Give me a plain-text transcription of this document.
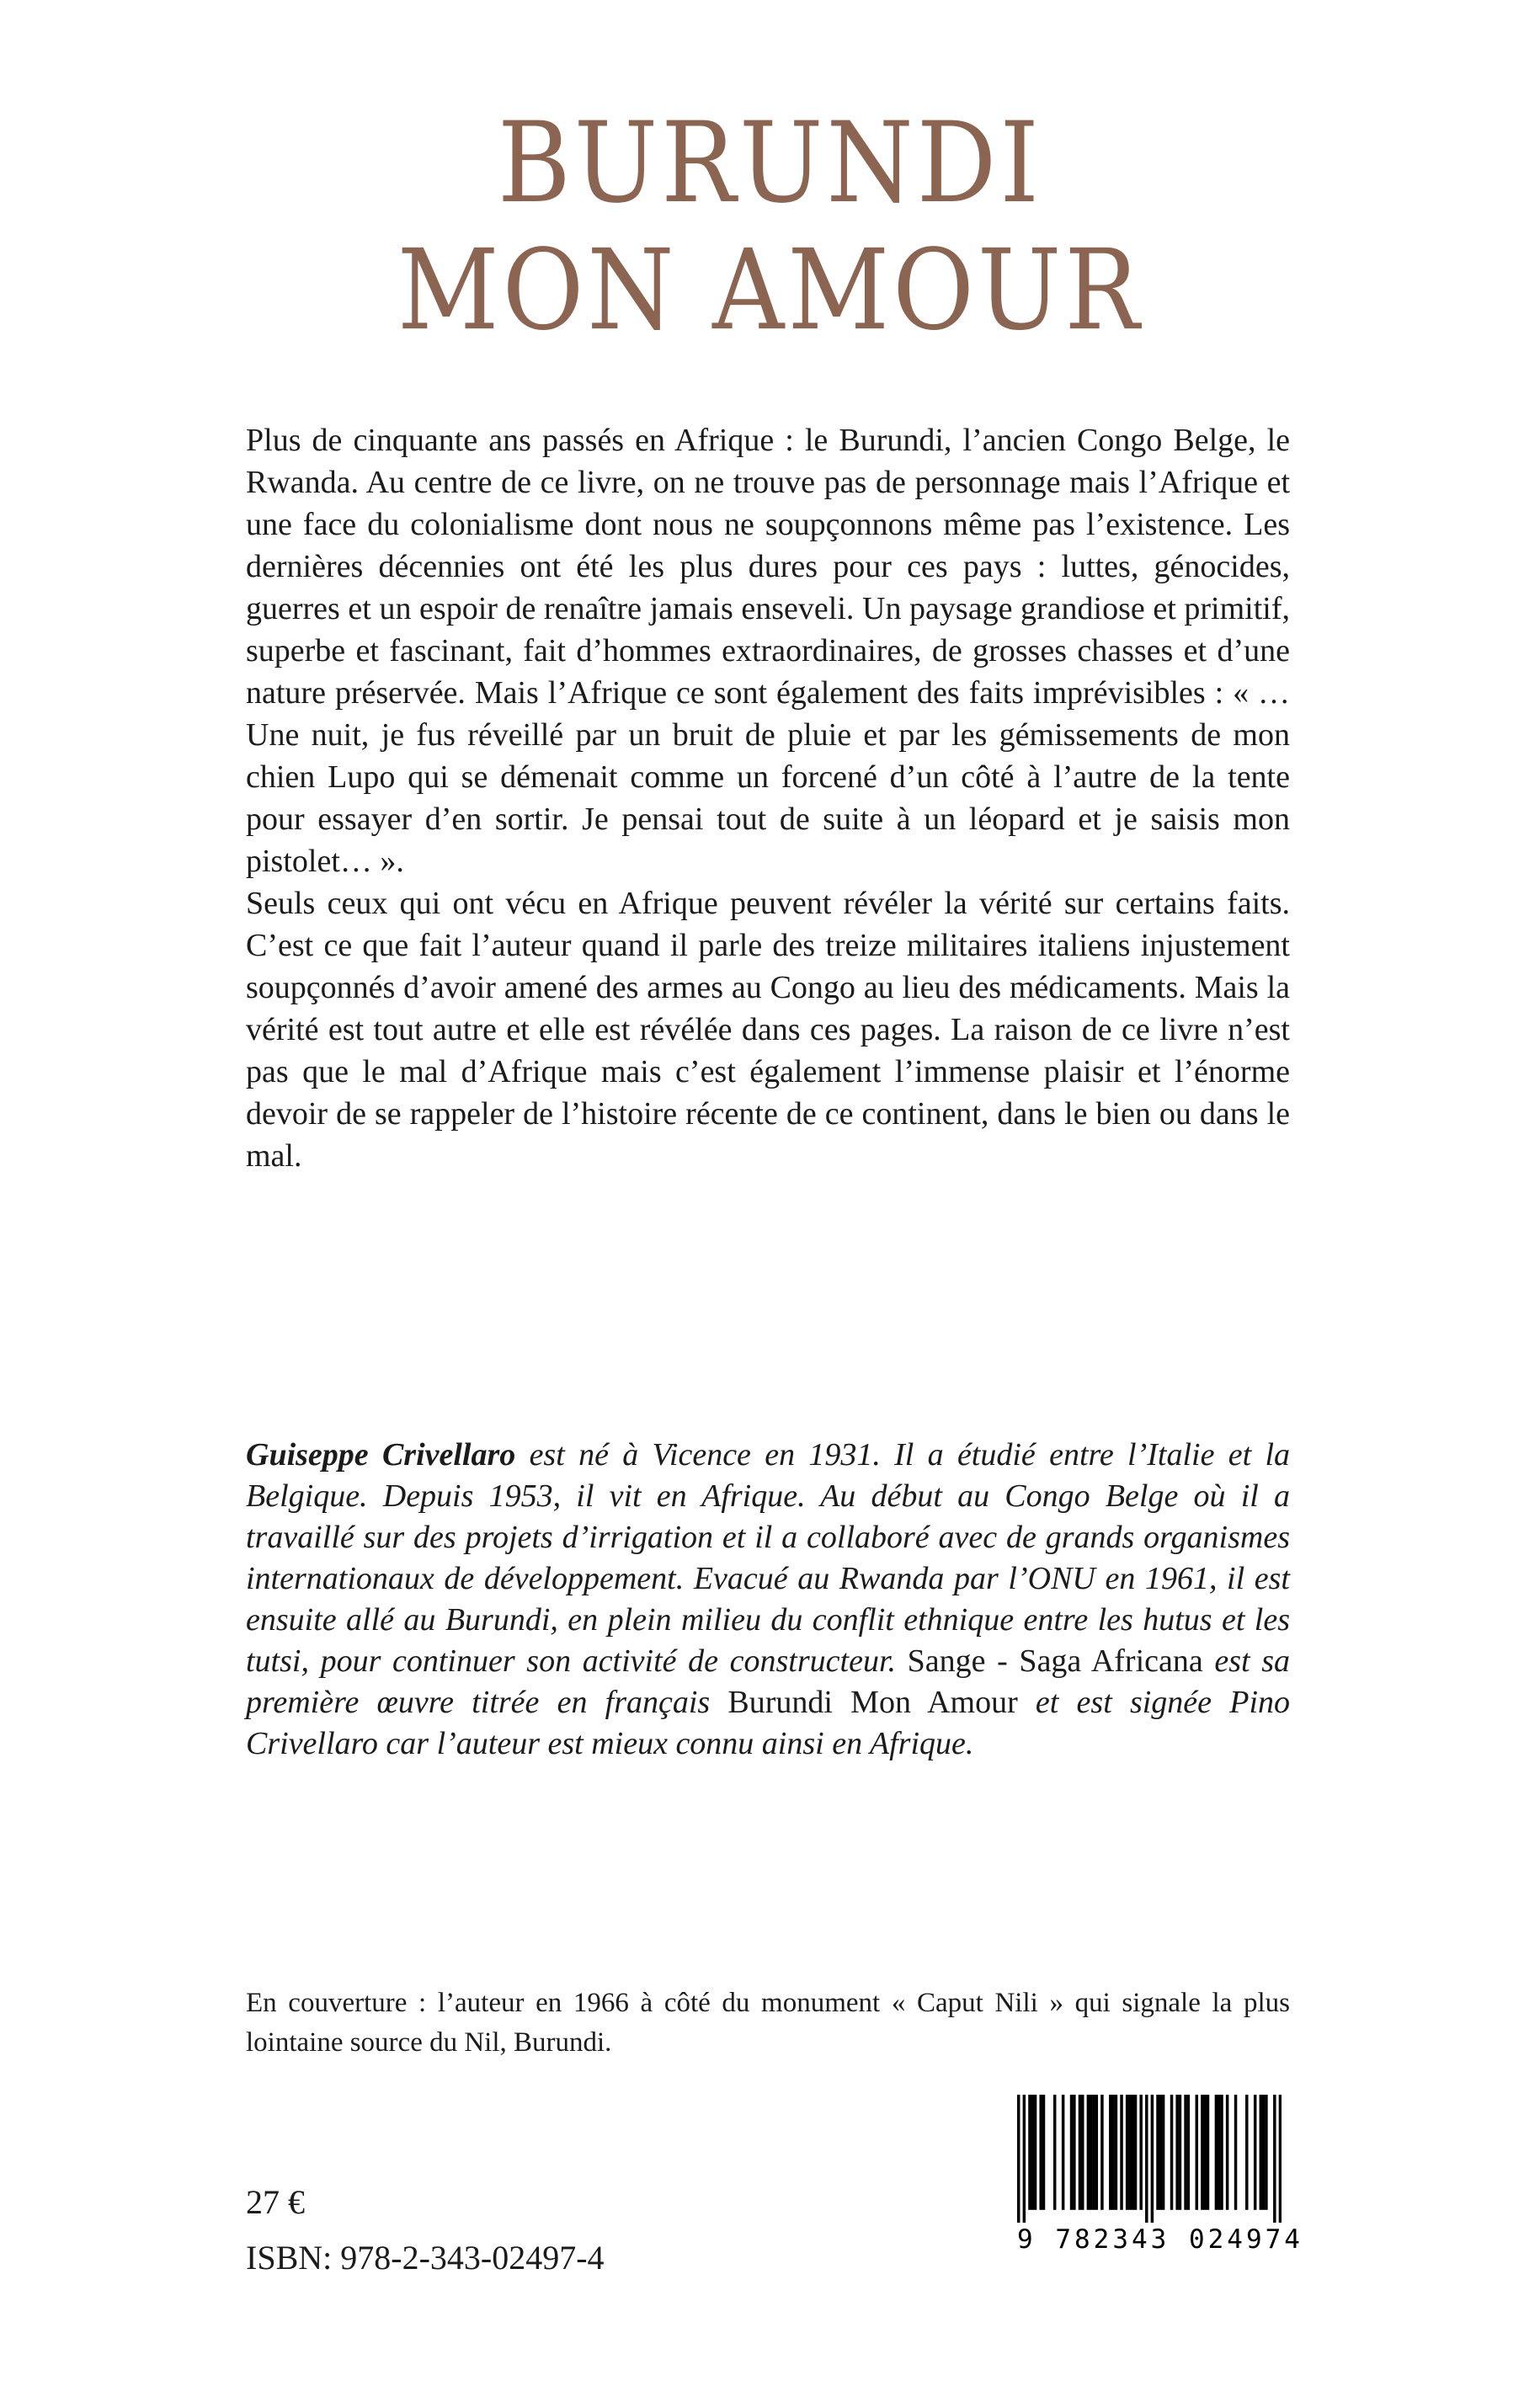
BURUNDI
MON AMOUR

Plus de cinquante ans passés en Afrique : le Burundi, l’ancien Congo Belge, le Rwanda. Au centre de ce livre, on ne trouve pas de personnage mais l’Afrique et une face du colonialisme dont nous ne soupçonnons même pas l’existence. Les dernières décennies ont été les plus dures pour ces pays : luttes, génocides, guerres et un espoir de renaître jamais enseveli. Un paysage grandiose et primitif, superbe et fascinant, fait d’hommes extraordinaires, de grosses chasses et d’une nature préservée. Mais l’Afrique ce sont également des faits imprévisibles : « … Une nuit, je fus réveillé par un bruit de pluie et par les gémissements de mon chien Lupo qui se démenait comme un forcené d’un côté à l’autre de la tente pour essayer d’en sortir. Je pensai tout de suite à un léopard et je saisis mon pistolet… ».

Seuls ceux qui ont vécu en Afrique peuvent révéler la vérité sur certains faits. C’est ce que fait l’auteur quand il parle des treize militaires italiens injustement soupçonnés d’avoir amené des armes au Congo au lieu des médicaments. Mais la vérité est tout autre et elle est révélée dans ces pages. La raison de ce livre n’est pas que le mal d’Afrique mais c’est également l’immense plaisir et l’énorme devoir de se rappeler de l’histoire récente de ce continent, dans le bien ou dans le mal.

Guiseppe Crivellaro est né à Vicence en 1931. Il a étudié entre l’Italie et la Belgique. Depuis 1953, il vit en Afrique. Au début au Congo Belge où il a travaillé sur des projets d’irrigation et il a collaboré avec de grands organismes internationaux de développement. Evacué au Rwanda par l’ONU en 1961, il est ensuite allé au Burundi, en plein milieu du conflit ethnique entre les hutus et les tutsi, pour continuer son activité de constructeur. Sange - Saga Africana est sa première œuvre titrée en français Burundi Mon Amour et est signée Pino Crivellaro car l’auteur est mieux connu ainsi en Afrique.

En couverture : l’auteur en 1966 à côté du monument « Caput Nili » qui signale la plus lointaine source du Nil, Burundi.
27 €
ISBN: 978-2-343-02497-4	9 782343 024974
